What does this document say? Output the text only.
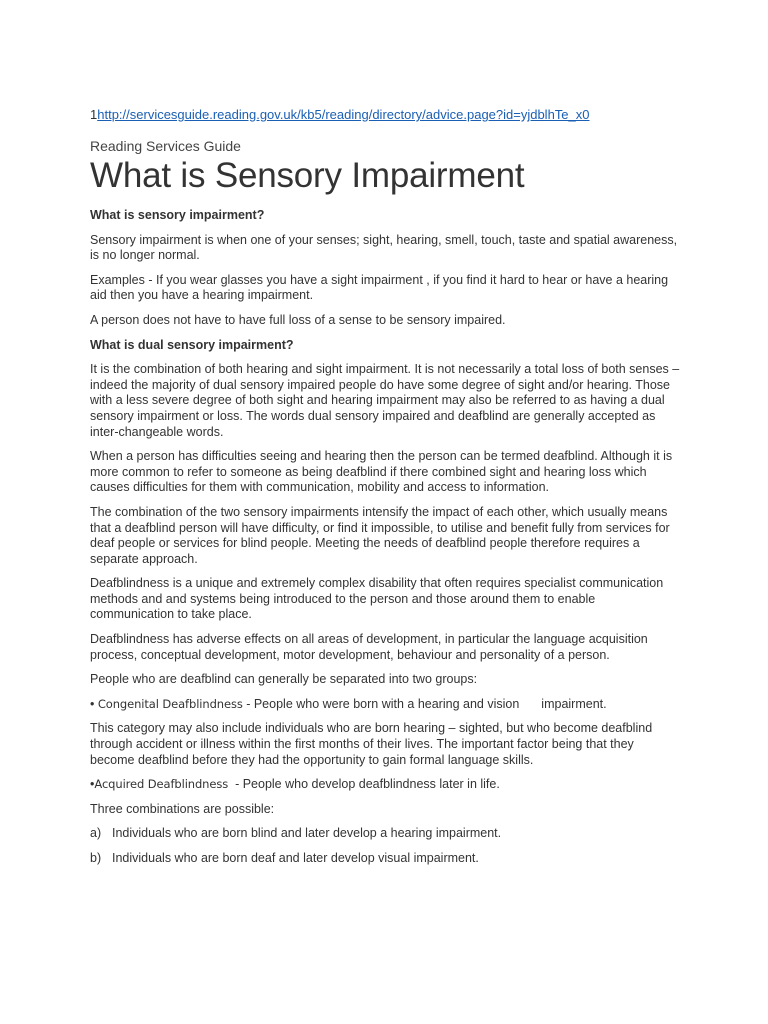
1http://servicesguide.reading.gov.uk/kb5/reading/directory/advice.page?id=yjdblhTe_x0
Reading Services Guide
What is Sensory Impairment

What is sensory impairment?

Sensory impairment is when one of your senses; sight, hearing, smell, touch, taste and spatial awareness, is no longer normal.

Examples - If you wear glasses you have a sight impairment , if you find it hard to hear or have a hearing aid then you have a hearing impairment.

A person does not have to have full loss of a sense to be sensory impaired.

What is dual sensory impairment?

It is the combination of both hearing and sight impairment. It is not necessarily a total loss of both senses – indeed the majority of dual sensory impaired people do have some degree of sight and/or hearing. Those with a less severe degree of both sight and hearing impairment may also be referred to as having a dual sensory impairment or loss. The words dual sensory impaired and deafblind are generally accepted as inter-changeable words.

When a person has difficulties seeing and hearing then the person can be termed deafblind. Although it is more common to refer to someone as being deafblind if there combined sight and hearing loss which causes difficulties for them with communication, mobility and access to information.

The combination of the two sensory impairments intensify the impact of each other, which usually means that a deafblind person will have difficulty, or find it impossible, to utilise and benefit fully from services for deaf people or services for blind people. Meeting the needs of deafblind people therefore requires a separate approach.

Deafblindness is a unique and extremely complex disability that often requires specialist communication methods and and systems being introduced to the person and those around them to enable communication to take place.

Deafblindness has adverse effects on all areas of development, in particular the language acquisition process, conceptual development, motor development, behaviour and personality of a person.

People who are deafblind can generally be separated into two groups:

• Congenital Deafblindness - People who were born with a hearing and vision impairment.

This category may also include individuals who are born hearing – sighted, but who become deafblind through accident or illness within the first months of their lives. The important factor being that they become deafblind before they had the opportunity to gain formal language skills.

•Acquired Deafblindness  - People who develop deafblindness later in life.

Three combinations are possible:

a) Individuals who are born blind and later develop a hearing impairment.

b) Individuals who are born deaf and later develop visual impairment.
